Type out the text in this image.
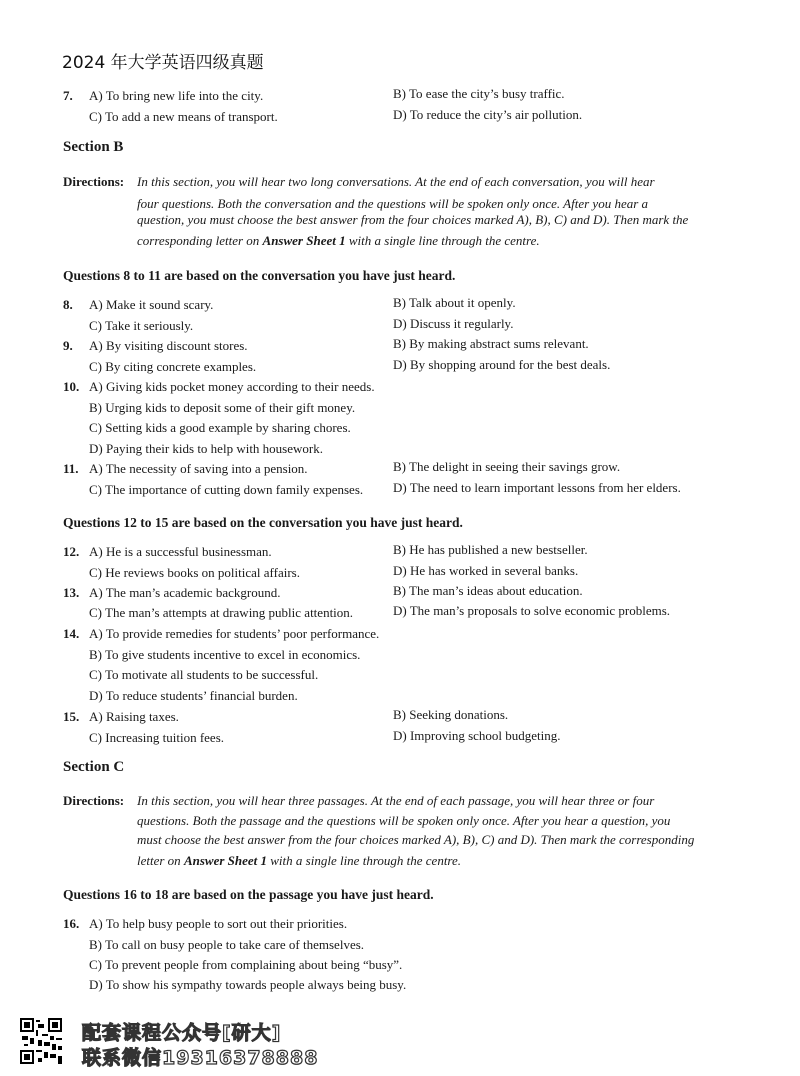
2024 年大学英语四级真题
7. A) To bring new life into the city.	B) To ease the city’s busy traffic.
C) To add a new means of transport.	D) To reduce the city’s air pollution.
Section B
Directions: In this section, you will hear two long conversations. At the end of each conversation, you will hear
four questions. Both the conversation and the questions will be spoken only once. After you hear a
question, you must choose the best answer from the four choices marked A), B), C) and D). Then mark the
corresponding letter on Answer Sheet 1 with a single line through the centre.
Questions 8 to 11 are based on the conversation you have just heard.
8. A) Make it sound scary.	B) Talk about it openly.
C) Take it seriously.	D) Discuss it regularly.
9. A) By visiting discount stores.	B) By making abstract sums relevant.
C) By citing concrete examples.	D) By shopping around for the best deals.
10. A) Giving kids pocket money according to their needs.
B) Urging kids to deposit some of their gift money.
C) Setting kids a good example by sharing chores.
D) Paying their kids to help with housework.
11. A) The necessity of saving into a pension.	B) The delight in seeing their savings grow.
C) The importance of cutting down family expenses. D) The need to learn important lessons from her elders.
Questions 12 to 15 are based on the conversation you have just heard.
12. A) He is a successful businessman.	B) He has published a new bestseller.
C) He reviews books on political affairs.	D) He has worked in several banks.
13. A) The man’s academic background.	B) The man’s ideas about education.
C) The man’s attempts at drawing public attention.	D) The man’s proposals to solve economic problems.
14. A) To provide remedies for students’ poor performance.
B) To give students incentive to excel in economics.
C) To motivate all students to be successful.
D) To reduce students’ financial burden.
15. A) Raising taxes.	B) Seeking donations.
C) Increasing tuition fees.	D) Improving school budgeting.
Section C
Directions: In this section, you will hear three passages. At the end of each passage, you will hear three or four
questions. Both the passage and the questions will be spoken only once. After you hear a question, you
must choose the best answer from the four choices marked A), B), C) and D). Then mark the corresponding
letter on Answer Sheet 1 with a single line through the centre.
Questions 16 to 18 are based on the passage you have just heard.
16. A) To help busy people to sort out their priorities.
B) To call on busy people to take care of themselves.
C) To prevent people from complaining about being “busy”.
D) To show his sympathy towards people always being busy.
配套课程公众号[研大]
联系微信19316378888
